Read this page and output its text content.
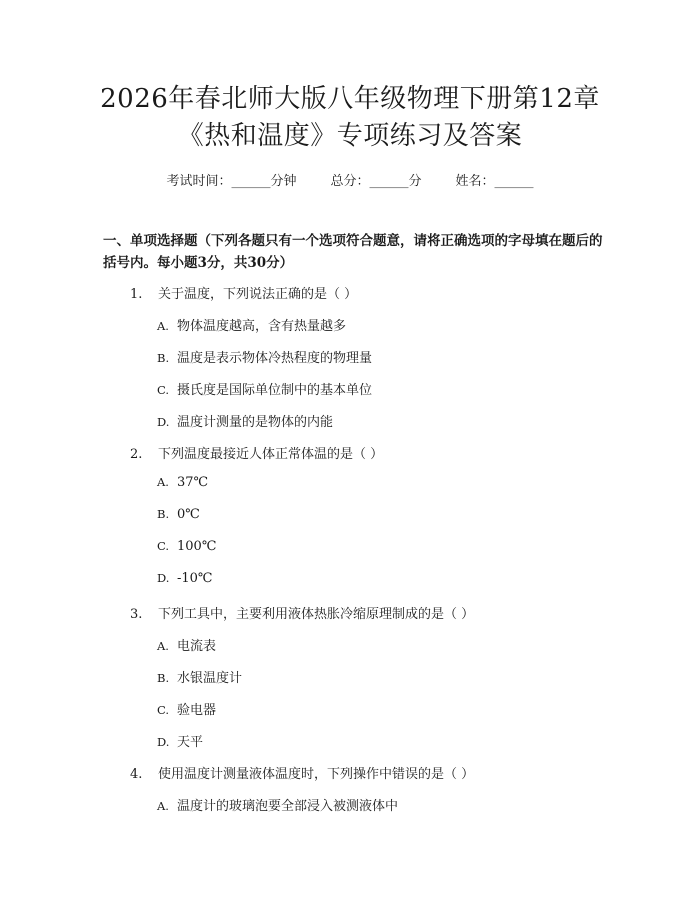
2026年春北师大版八年级物理下册第12章
《热和温度》专项练习及答案
考试时间：______分钟	总分：______分	姓名：______
一、单项选择题（下列各题只有一个选项符合题意，请将正确选项的字母填在题后的括号内。每小题3分，共30分）
1. 关于温度，下列说法正确的是（ ）
A. 物体温度越高，含有热量越多
B. 温度是表示物体冷热程度的物理量
C. 摄氏度是国际单位制中的基本单位
D. 温度计测量的是物体的内能
2. 下列温度最接近人体正常体温的是（ ）
A. 37℃
B. 0℃
C. 100℃
D. -10℃
3. 下列工具中，主要利用液体热胀冷缩原理制成的是（ ）
A. 电流表
B. 水银温度计
C. 验电器
D. 天平
4. 使用温度计测量液体温度时，下列操作中错误的是（ ）
A. 温度计的玻璃泡要全部浸入被测液体中
